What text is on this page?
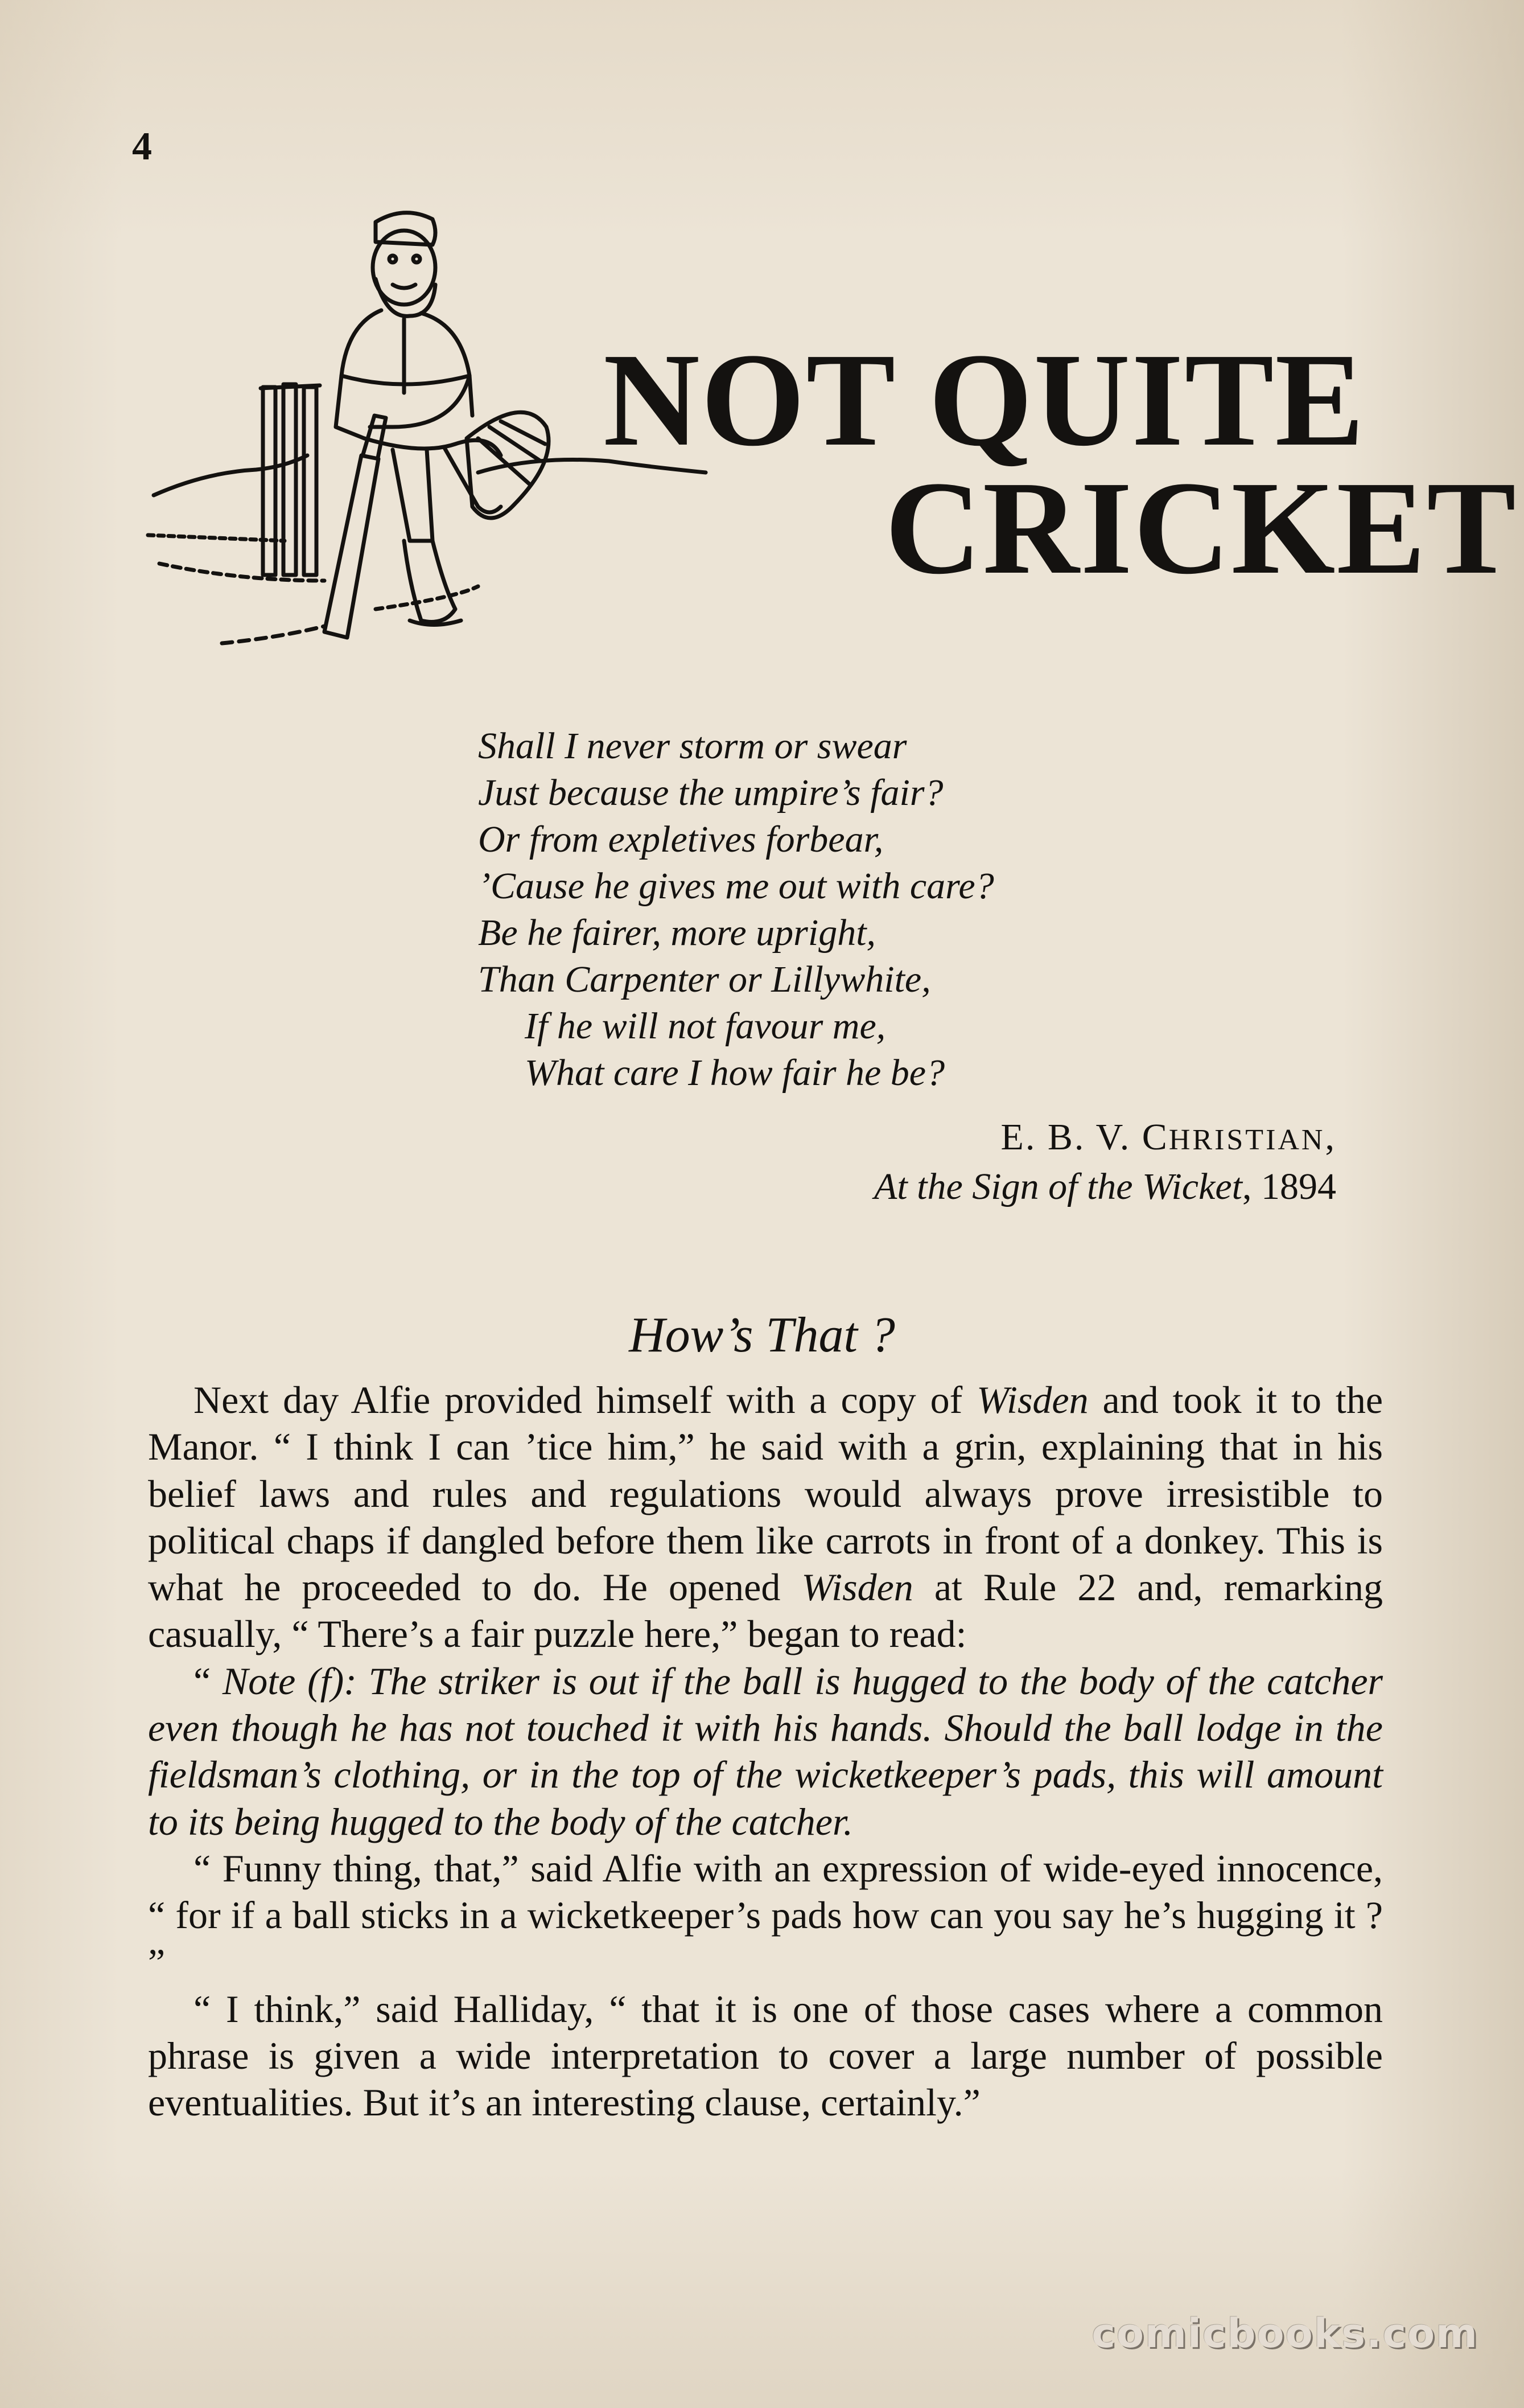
4

NOT QUITE
CRICKET
Shall I never storm or swear
Just because the umpire’s fair?
Or from expletives forbear,
’Cause he gives me out with care?
Be he fairer, more upright,
Than Carpenter or Lillywhite,
If he will not favour me,
What care I how fair he be?
E. B. V. CHRISTIAN,
At the Sign of the Wicket, 1894
How’s That ?

Next day Alfie provided himself with a copy of Wisden and took it to the Manor. “ I think I can ’tice him,” he said with a grin, explaining that in his belief laws and rules and regulations would always prove irresistible to political chaps if dangled before them like carrots in front of a donkey. This is what he proceeded to do. He opened Wisden at Rule 22 and, remarking casually, “ There’s a fair puzzle here,” began to read:

“ Note (f): The striker is out if the ball is hugged to the body of the catcher even though he has not touched it with his hands. Should the ball lodge in the fieldsman’s clothing, or in the top of the wicketkeeper’s pads, this will amount to its being hugged to the body of the catcher.

“ Funny thing, that,” said Alfie with an expression of wide-eyed innocence, “ for if a ball sticks in a wicketkeeper’s pads how can you say he’s hugging it ? ”

“ I think,” said Halliday, “ that it is one of those cases where a common phrase is given a wide interpretation to cover a large number of possible eventualities. But it’s an interesting clause, certainly.”

comicbooks.com
